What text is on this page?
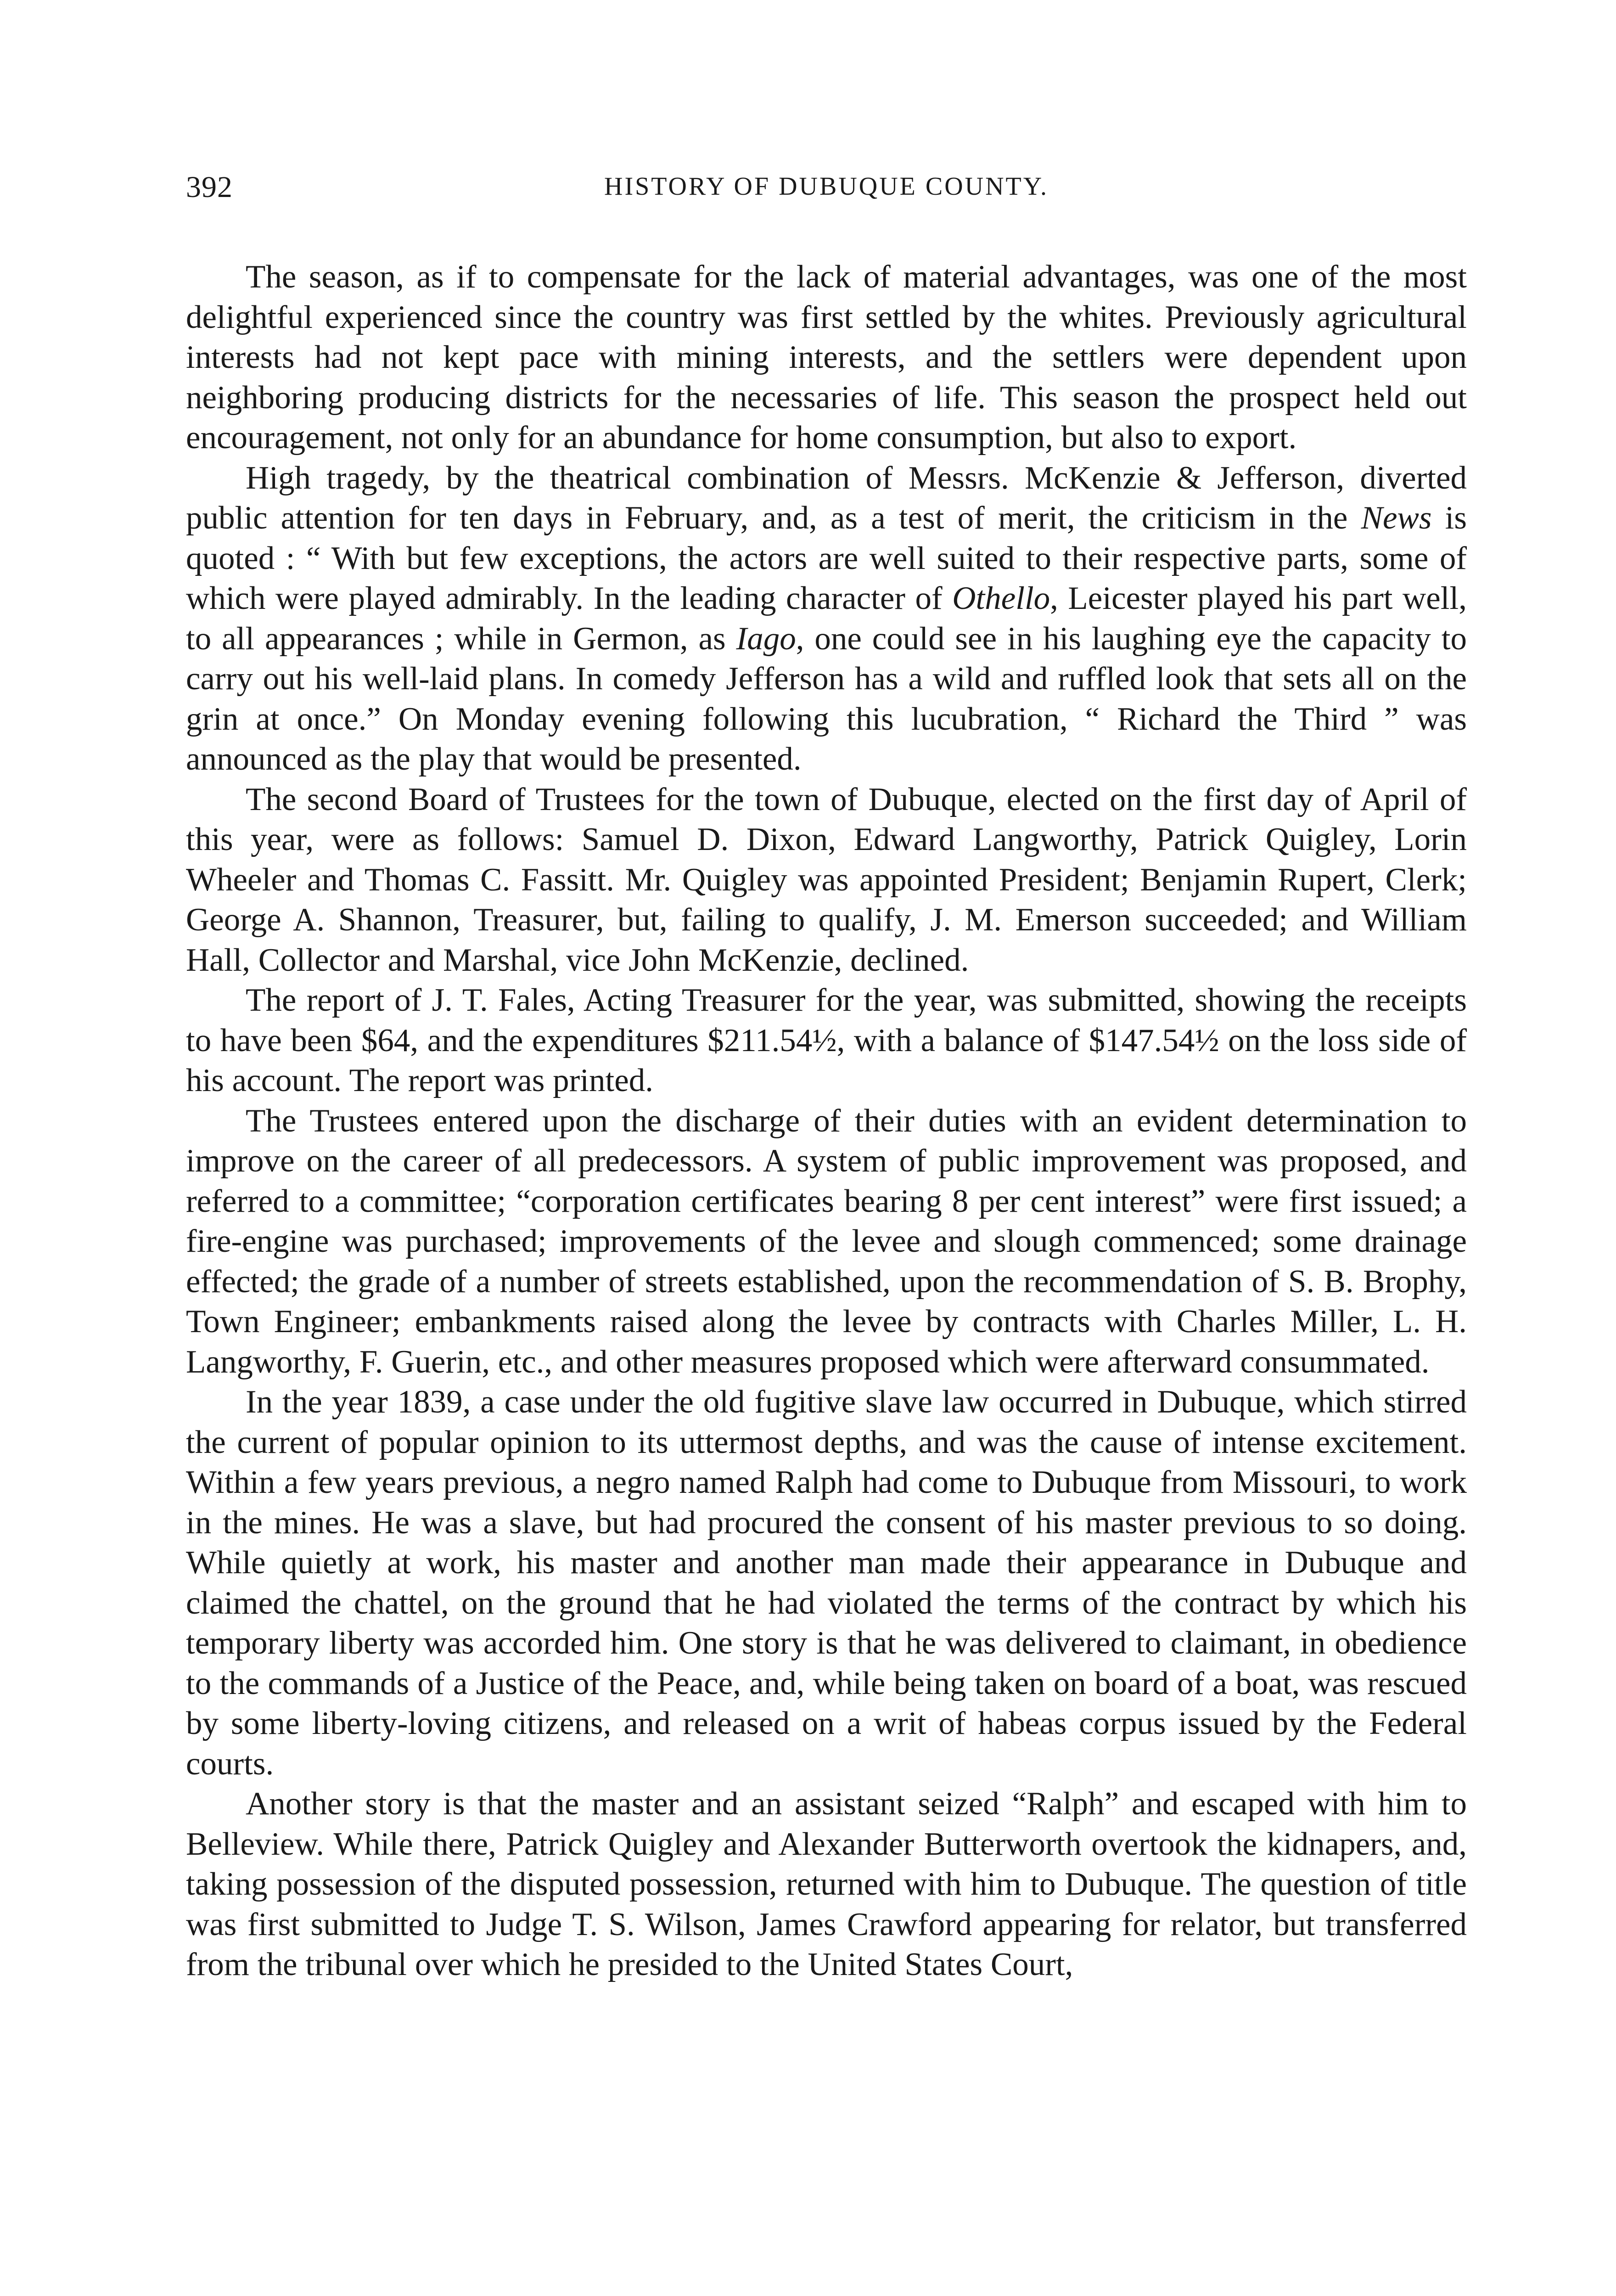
392	HISTORY OF DUBUQUE COUNTY.

The season, as if to compensate for the lack of material advantages, was one of the most delightful experienced since the country was first settled by the whites. Previously agricultural interests had not kept pace with mining interests, and the settlers were dependent upon neighboring producing districts for the necessaries of life. This season the prospect held out encouragement, not only for an abundance for home consumption, but also to export.

High tragedy, by the theatrical combination of Messrs. McKenzie & Jefferson, diverted public attention for ten days in February, and, as a test of merit, the criticism in the News is quoted : “ With but few exceptions, the actors are well suited to their respective parts, some of which were played admirably. In the leading character of Othello, Leicester played his part well, to all appearances ; while in Germon, as Iago, one could see in his laughing eye the capacity to carry out his well-laid plans. In comedy Jefferson has a wild and ruffled look that sets all on the grin at once.” On Monday evening following this lucubration, “ Richard the Third ” was announced as the play that would be presented.

The second Board of Trustees for the town of Dubuque, elected on the first day of April of this year, were as follows: Samuel D. Dixon, Edward Langworthy, Patrick Quigley, Lorin Wheeler and Thomas C. Fassitt. Mr. Quigley was appointed President; Benjamin Rupert, Clerk; George A. Shannon, Treasurer, but, failing to qualify, J. M. Emerson succeeded; and William Hall, Collector and Marshal, vice John McKenzie, declined.

The report of J. T. Fales, Acting Treasurer for the year, was submitted, showing the receipts to have been $64, and the expenditures $211.54½, with a balance of $147.54½ on the loss side of his account. The report was printed.

The Trustees entered upon the discharge of their duties with an evident determination to improve on the career of all predecessors. A system of public improvement was proposed, and referred to a committee; “corporation certificates bearing 8 per cent interest” were first issued; a fire-engine was purchased; improvements of the levee and slough commenced; some drainage effected; the grade of a number of streets established, upon the recommendation of S. B. Brophy, Town Engineer; embankments raised along the levee by contracts with Charles Miller, L. H. Langworthy, F. Guerin, etc., and other measures proposed which were afterward consummated.

In the year 1839, a case under the old fugitive slave law occurred in Dubuque, which stirred the current of popular opinion to its uttermost depths, and was the cause of intense excitement. Within a few years previous, a negro named Ralph had come to Dubuque from Missouri, to work in the mines. He was a slave, but had procured the consent of his master previous to so doing. While quietly at work, his master and another man made their appearance in Dubuque and claimed the chattel, on the ground that he had violated the terms of the contract by which his temporary liberty was accorded him. One story is that he was delivered to claimant, in obedience to the commands of a Justice of the Peace, and, while being taken on board of a boat, was rescued by some liberty-loving citizens, and released on a writ of habeas corpus issued by the Federal courts.

Another story is that the master and an assistant seized “Ralph” and escaped with him to Belleview. While there, Patrick Quigley and Alexander Butterworth overtook the kidnapers, and, taking possession of the disputed possession, returned with him to Dubuque. The question of title was first submitted to Judge T. S. Wilson, James Crawford appearing for relator, but transferred from the tribunal over which he presided to the United States Court,
